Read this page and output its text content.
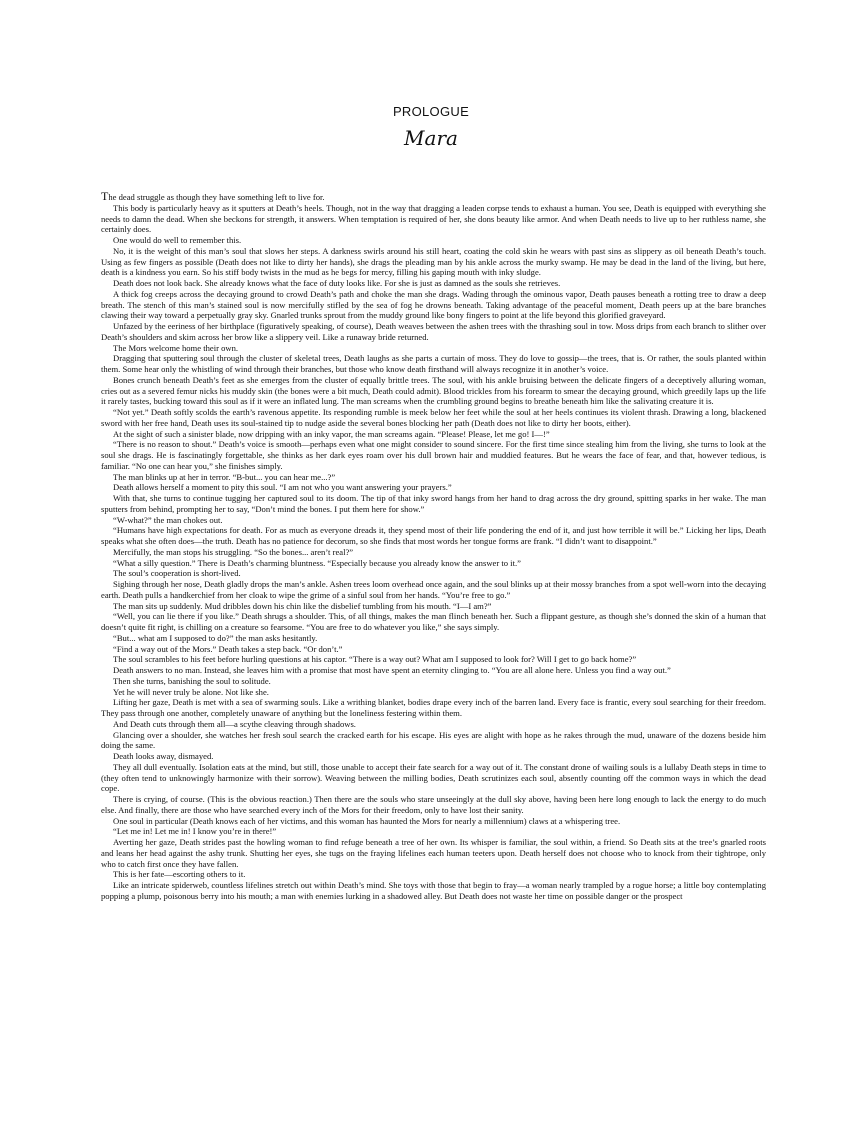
PROLOGUE
Mara

The dead struggle as though they have something left to live for.

This body is particularly heavy as it sputters at Death’s heels. Though, not in the way that dragging a leaden corpse tends to exhaust a human. You see, Death is equipped with everything she needs to damn the dead. When she beckons for strength, it answers. When temptation is required of her, she dons beauty like armor. And when Death needs to live up to her ruthless name, she certainly does.

One would do well to remember this.

No, it is the weight of this man’s soul that slows her steps. A darkness swirls around his still heart, coating the cold skin he wears with past sins as slippery as oil beneath Death’s touch. Using as few fingers as possible (Death does not like to dirty her hands), she drags the pleading man by his ankle across the murky swamp. He may be dead in the land of the living, but here, death is a kindness you earn. So his stiff body twists in the mud as he begs for mercy, filling his gaping mouth with inky sludge.

Death does not look back. She already knows what the face of duty looks like. For she is just as damned as the souls she retrieves.

A thick fog creeps across the decaying ground to crowd Death’s path and choke the man she drags. Wading through the ominous vapor, Death pauses beneath a rotting tree to draw a deep breath. The stench of this man’s stained soul is now mercifully stifled by the sea of fog he drowns beneath. Taking advantage of the peaceful moment, Death peers up at the bare branches clawing their way toward a perpetually gray sky. Gnarled trunks sprout from the muddy ground like bony fingers to point at the life beyond this glorified graveyard.

Unfazed by the eeriness of her birthplace (figuratively speaking, of course), Death weaves between the ashen trees with the thrashing soul in tow. Moss drips from each branch to slither over Death’s shoulders and skim across her brow like a slippery veil. Like a runaway bride returned.

The Mors welcome home their own.

Dragging that sputtering soul through the cluster of skeletal trees, Death laughs as she parts a curtain of moss. They do love to gossip—the trees, that is. Or rather, the souls planted within them. Some hear only the whistling of wind through their branches, but those who know death firsthand will always recognize it in another’s voice.

Bones crunch beneath Death’s feet as she emerges from the cluster of equally brittle trees. The soul, with his ankle bruising between the delicate fingers of a deceptively alluring woman, cries out as a severed femur nicks his muddy skin (the bones were a bit much, Death could admit). Blood trickles from his forearm to smear the decaying ground, which greedily laps up the life it rarely tastes, bucking toward this soul as if it were an inflated lung. The man screams when the crumbling ground begins to breathe beneath him like the salivating creature it is.

“Not yet.” Death softly scolds the earth’s ravenous appetite. Its responding rumble is meek below her feet while the soul at her heels continues its violent thrash. Drawing a long, blackened sword with her free hand, Death uses its soul-stained tip to nudge aside the several bones blocking her path (Death does not like to dirty her boots, either).

At the sight of such a sinister blade, now dripping with an inky vapor, the man screams again. “Please! Please, let me go! I—!”

“There is no reason to shout.” Death’s voice is smooth—perhaps even what one might consider to sound sincere. For the first time since stealing him from the living, she turns to look at the soul she drags. He is fascinatingly forgettable, she thinks as her dark eyes roam over his dull brown hair and muddied features. But he wears the face of fear, and that, however tedious, is familiar. “No one can hear you,” she finishes simply.

The man blinks up at her in terror. “B-but... you can hear me...?”

Death allows herself a moment to pity this soul. “I am not who you want answering your prayers.”

With that, she turns to continue tugging her captured soul to its doom. The tip of that inky sword hangs from her hand to drag across the dry ground, spitting sparks in her wake. The man sputters from behind, prompting her to say, “Don’t mind the bones. I put them here for show.”

“W-what?” the man chokes out.

“Humans have high expectations for death. For as much as everyone dreads it, they spend most of their life pondering the end of it, and just how terrible it will be.” Licking her lips, Death speaks what she often does—the truth. Death has no patience for decorum, so she finds that most words her tongue forms are frank. “I didn’t want to disappoint.”

Mercifully, the man stops his struggling. “So the bones... aren’t real?”

“What a silly question.” There is Death’s charming bluntness. “Especially because you already know the answer to it.”

The soul’s cooperation is short-lived.

Sighing through her nose, Death gladly drops the man’s ankle. Ashen trees loom overhead once again, and the soul blinks up at their mossy branches from a spot well-worn into the decaying earth. Death pulls a handkerchief from her cloak to wipe the grime of a sinful soul from her hands. “You’re free to go.”

The man sits up suddenly. Mud dribbles down his chin like the disbelief tumbling from his mouth. “I—I am?”

“Well, you can lie there if you like.” Death shrugs a shoulder. This, of all things, makes the man flinch beneath her. Such a flippant gesture, as though she’s donned the skin of a human that doesn’t quite fit right, is chilling on a creature so fearsome. “You are free to do whatever you like,” she says simply.

“But... what am I supposed to do?” the man asks hesitantly.

“Find a way out of the Mors.” Death takes a step back. “Or don’t.”

The soul scrambles to his feet before hurling questions at his captor. “There is a way out? What am I supposed to look for? Will I get to go back home?”

Death answers to no man. Instead, she leaves him with a promise that most have spent an eternity clinging to. “You are all alone here. Unless you find a way out.”

Then she turns, banishing the soul to solitude.

Yet he will never truly be alone. Not like she.

Lifting her gaze, Death is met with a sea of swarming souls. Like a writhing blanket, bodies drape every inch of the barren land. Every face is frantic, every soul searching for their freedom. They pass through one another, completely unaware of anything but the loneliness festering within them.

And Death cuts through them all—a scythe cleaving through shadows.

Glancing over a shoulder, she watches her fresh soul search the cracked earth for his escape. His eyes are alight with hope as he rakes through the mud, unaware of the dozens beside him doing the same.

Death looks away, dismayed.

They all dull eventually. Isolation eats at the mind, but still, those unable to accept their fate search for a way out of it. The constant drone of wailing souls is a lullaby Death steps in time to (they often tend to unknowingly harmonize with their sorrow). Weaving between the milling bodies, Death scrutinizes each soul, absently counting off the common ways in which the dead cope.

There is crying, of course. (This is the obvious reaction.) Then there are the souls who stare unseeingly at the dull sky above, having been here long enough to lack the energy to do much else. And finally, there are those who have searched every inch of the Mors for their freedom, only to have lost their sanity.

One soul in particular (Death knows each of her victims, and this woman has haunted the Mors for nearly a millennium) claws at a whispering tree.

“Let me in! Let me in! I know you’re in there!”

Averting her gaze, Death strides past the howling woman to find refuge beneath a tree of her own. Its whisper is familiar, the soul within, a friend. So Death sits at the tree’s gnarled roots and leans her head against the ashy trunk. Shutting her eyes, she tugs on the fraying lifelines each human teeters upon. Death herself does not choose who to knock from their tightrope, only who to catch first once they have fallen.

This is her fate—escorting others to it.

Like an intricate spiderweb, countless lifelines stretch out within Death’s mind. She toys with those that begin to fray—a woman nearly trampled by a rogue horse; a little boy contemplating popping a plump, poisonous berry into his mouth; a man with enemies lurking in a shadowed alley. But Death does not waste her time on possible danger or the prospect
